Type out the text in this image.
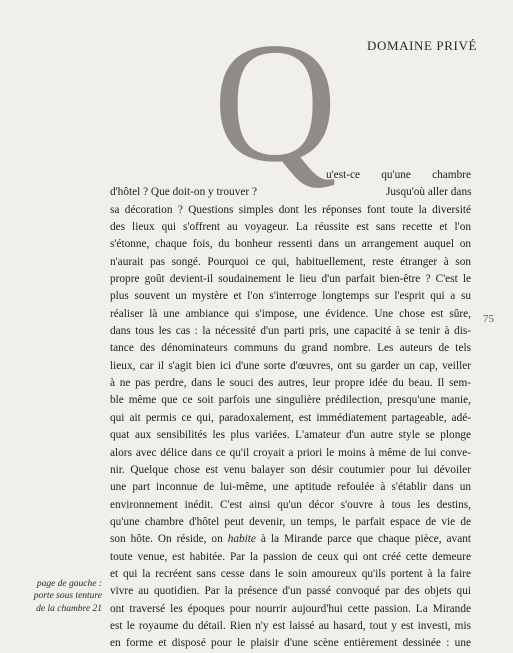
DOMAINE PRIVÉ
Q
u'est-ce qu'une chambre
d'hôtel ? Que doit-on y trouver ?	Jusqu'où aller dans
sa décoration ? Questions simples dont les réponses font toute la diversité
des lieux qui s'offrent au voyageur. La réussite est sans recette et l'on
s'étonne, chaque fois, du bonheur ressenti dans un arrangement auquel on
n'aurait pas songé. Pourquoi ce qui, habituellement, reste étranger à son
propre goût devient-il soudainement le lieu d'un parfait bien-être ? C'est le
plus souvent un mystère et l'on s'interroge longtemps sur l'esprit qui a su
réaliser là une ambiance qui s'impose, une évidence. Une chose est sûre,
dans tous les cas : la nécessité d'un parti pris, une capacité à se tenir à dis-
tance des dénominateurs communs du grand nombre. Les auteurs de tels
lieux, car il s'agit bien ici d'une sorte d'œuvres, ont su garder un cap, veiller
à ne pas perdre, dans le souci des autres, leur propre idée du beau. Il sem-
ble même que ce soit parfois une singulière prédilection, presqu'une manie,
qui ait permis ce qui, paradoxalement, est immédiatement partageable, adé-
quat aux sensibilités les plus variées. L'amateur d'un autre style se plonge
alors avec délice dans ce qu'il croyait a priori le moins à même de lui conve-
nir. Quelque chose est venu balayer son désir coutumier pour lui dévoiler
une part inconnue de lui-même, une aptitude refoulée à s'établir dans un
environnement inédit. C'est ainsi qu'un décor s'ouvre à tous les destins,
qu'une chambre d'hôtel peut devenir, un temps, le parfait espace de vie de
son hôte. On réside, on habite à la Mirande parce que chaque pièce, avant
toute venue, est habitée. Par la passion de ceux qui ont créé cette demeure
et qui la recréent sans cesse dans le soin amoureux qu'ils portent à la faire
vivre au quotidien. Par la présence d'un passé convoqué par des objets qui
ont traversé les époques pour nourrir aujourd'hui cette passion. La Mirande
est le royaume du détail. Rien n'y est laissé au hasard, tout y est investi, mis
en forme et disposé pour le plaisir d'une scène entièrement dessinée : une
75
page de gauche :
porte sous tenture
de la chambre 21
